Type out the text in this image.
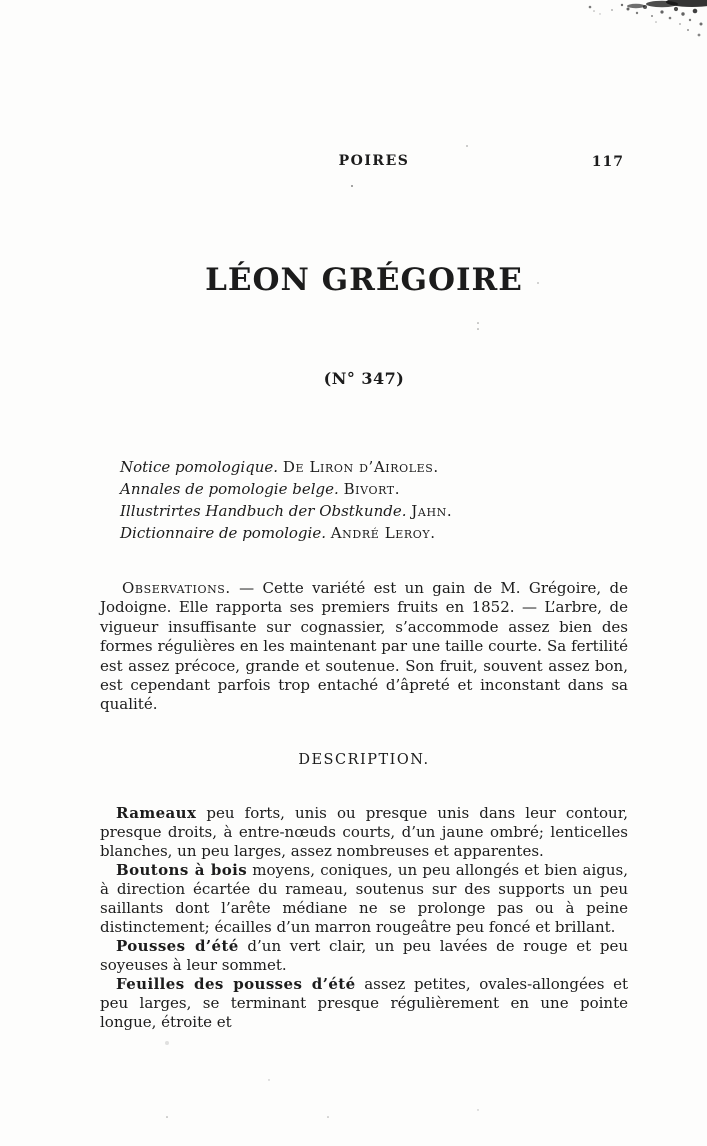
POIRES	117
LÉON GRÉGOIRE
(N° 347)
Notice pomologique. De Liron d’Airoles.
Annales de pomologie belge. Bivort.
Illustrirtes Handbuch der Obstkunde. Jahn.
Dictionnaire de pomologie. André Leroy.

Observations. — Cette variété est un gain de M. Grégoire, de Jodoigne. Elle rapporta ses premiers fruits en 1852. — L’arbre, de vigueur insuffisante sur cognassier, s’accommode assez bien des formes régulières en les maintenant par une taille courte. Sa fertilité est assez précoce, grande et soutenue. Son fruit, souvent assez bon, est cependant parfois trop entaché d’âpreté et inconstant dans sa qualité.

DESCRIPTION.

Rameaux peu forts, unis ou presque unis dans leur contour, presque droits, à entre-nœuds courts, d’un jaune ombré; lenticelles blanches, un peu larges, assez nombreuses et apparentes.

Boutons à bois moyens, coniques, un peu allongés et bien aigus, à direction écartée du rameau, soutenus sur des supports un peu saillants dont l’arête médiane ne se prolonge pas ou à peine distinctement; écailles d’un marron rougeâtre peu foncé et brillant.

Pousses d’été d’un vert clair, un peu lavées de rouge et peu soyeuses à leur sommet.

Feuilles des pousses d’été assez petites, ovales-allongées et peu larges, se terminant presque régulièrement en une pointe longue, étroite et
